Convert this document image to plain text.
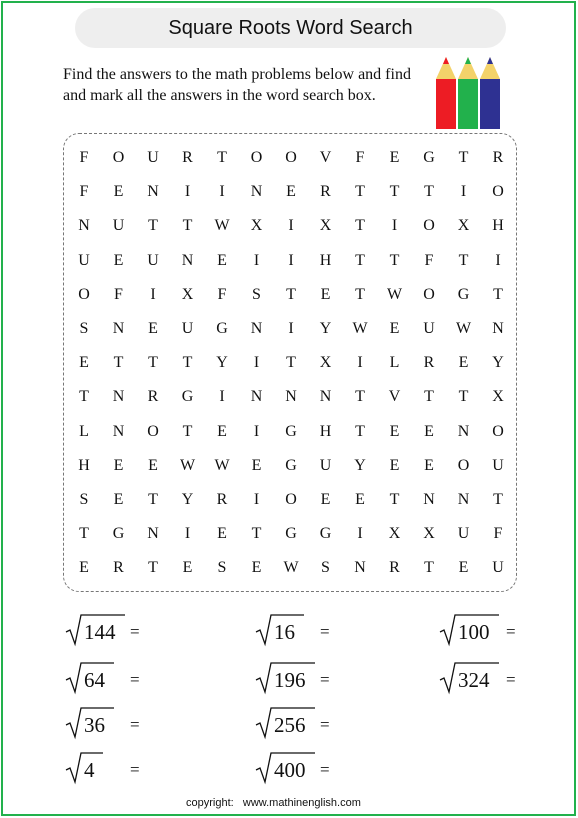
Square Roots Word Search
Find the answers to the math problems below and find and mark all the answers in the word search box.
F	O	U	R	T	O	O	V	F	E	G	T	R
F	E	N	I	I	N	E	R	T	T	T	I	O
N	U	T	T	W	X	I	X	T	I	O	X	H
U	E	U	N	E	I	I	H	T	T	F	T	I
O	F	I	X	F	S	T	E	T	W	O	G	T
S	N	E	U	G	N	I	Y	W	E	U	W	N
E	T	T	T	Y	I	T	X	I	L	R	E	Y
T	N	R	G	I	N	N	N	T	V	T	T	X
L	N	O	T	E	I	G	H	T	E	E	N	O
H	E	E	W	W	E	G	U	Y	E	E	O	U
S	E	T	Y	R	I	O	E	E	T	N	N	T
T	G	N	I	E	T	G	G	I	X	X	U	F
E	R	T	E	S	E	W	S	N	R	T	E	U
144 =	16 =	100 =
64 =	196 =	324 =
36 =	256 =
4 =	400 =
copyright: www.mathinenglish.com
